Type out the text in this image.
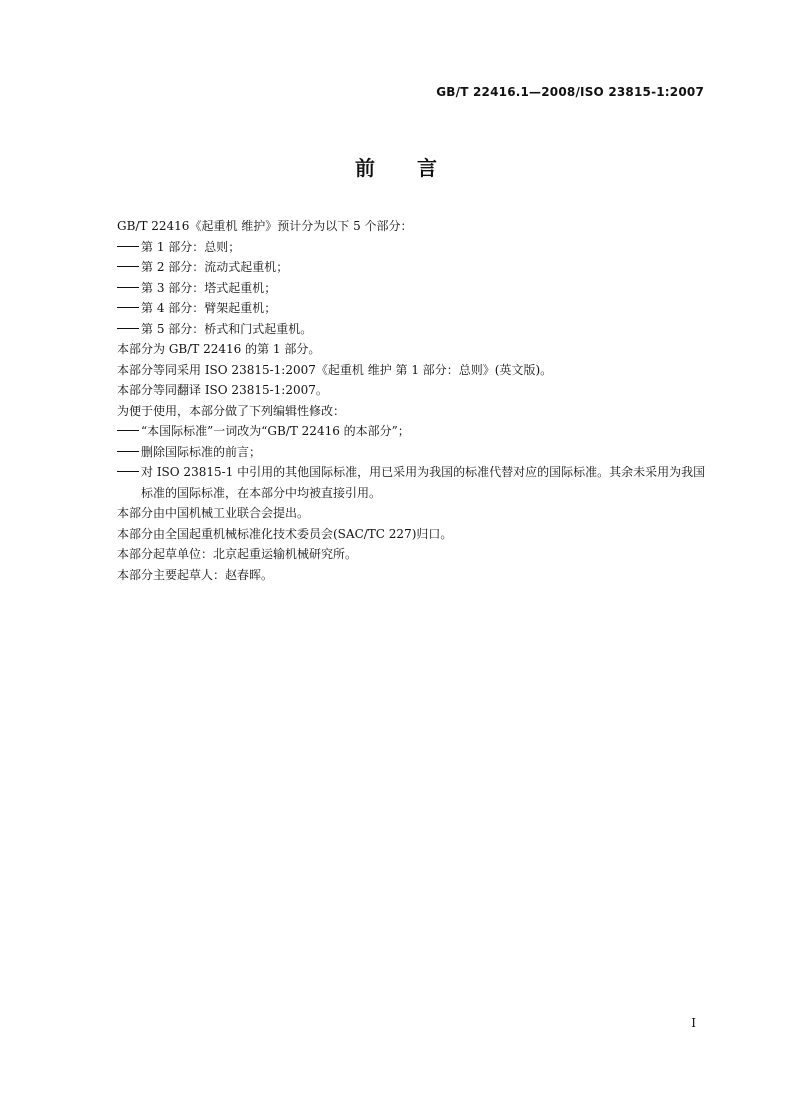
GB/T 22416.1—2008/ISO 23815-1:2007
前言
GB/T 22416《起重机 维护》预计分为以下 5 个部分：
第 1 部分：总则；
第 2 部分：流动式起重机；
第 3 部分：塔式起重机；
第 4 部分：臂架起重机；
第 5 部分：桥式和门式起重机。
本部分为 GB/T 22416 的第 1 部分。
本部分等同采用 ISO 23815-1:2007《起重机 维护 第 1 部分：总则》(英文版)。
本部分等同翻译 ISO 23815-1:2007。
为便于使用，本部分做了下列编辑性修改：
“本国际标准”一词改为“GB/T 22416 的本部分”；
删除国际标准的前言；
对 ISO 23815-1 中引用的其他国际标准，用已采用为我国的标准代替对应的国际标准。其余未采用为我国标准的国际标准，在本部分中均被直接引用。
本部分由中国机械工业联合会提出。
本部分由全国起重机械标准化技术委员会(SAC/TC 227)归口。
本部分起草单位：北京起重运输机械研究所。
本部分主要起草人：赵春晖。
I
